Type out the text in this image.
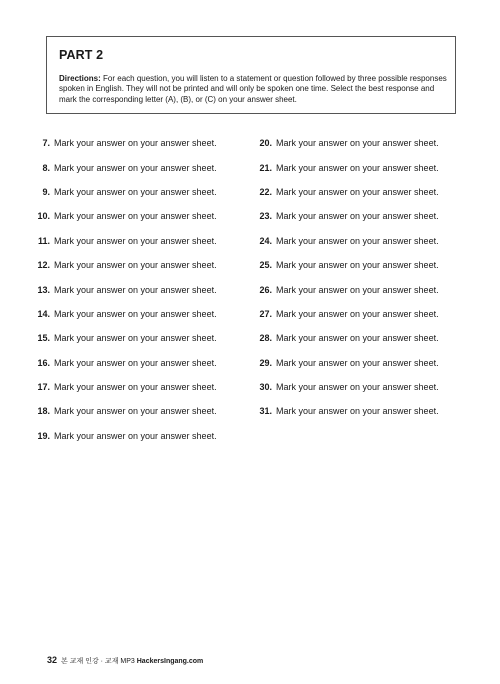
PART 2

Directions: For each question, you will listen to a statement or question followed by three possible responses spoken in English. They will not be printed and will only be spoken one time. Select the best response and mark the corresponding letter (A), (B), or (C) on your answer sheet.

7. Mark your answer on your answer sheet.
8. Mark your answer on your answer sheet.
9. Mark your answer on your answer sheet.
10. Mark your answer on your answer sheet.
11. Mark your answer on your answer sheet.
12. Mark your answer on your answer sheet.
13. Mark your answer on your answer sheet.
14. Mark your answer on your answer sheet.
15. Mark your answer on your answer sheet.
16. Mark your answer on your answer sheet.
17. Mark your answer on your answer sheet.
18. Mark your answer on your answer sheet.
19. Mark your answer on your answer sheet.
20. Mark your answer on your answer sheet.
21. Mark your answer on your answer sheet.
22. Mark your answer on your answer sheet.
23. Mark your answer on your answer sheet.
24. Mark your answer on your answer sheet.
25. Mark your answer on your answer sheet.
26. Mark your answer on your answer sheet.
27. Mark your answer on your answer sheet.
28. Mark your answer on your answer sheet.
29. Mark your answer on your answer sheet.
30. Mark your answer on your answer sheet.
31. Mark your answer on your answer sheet.
32 본 교재 인강 · 교재 MP3 HackersIngang.com
